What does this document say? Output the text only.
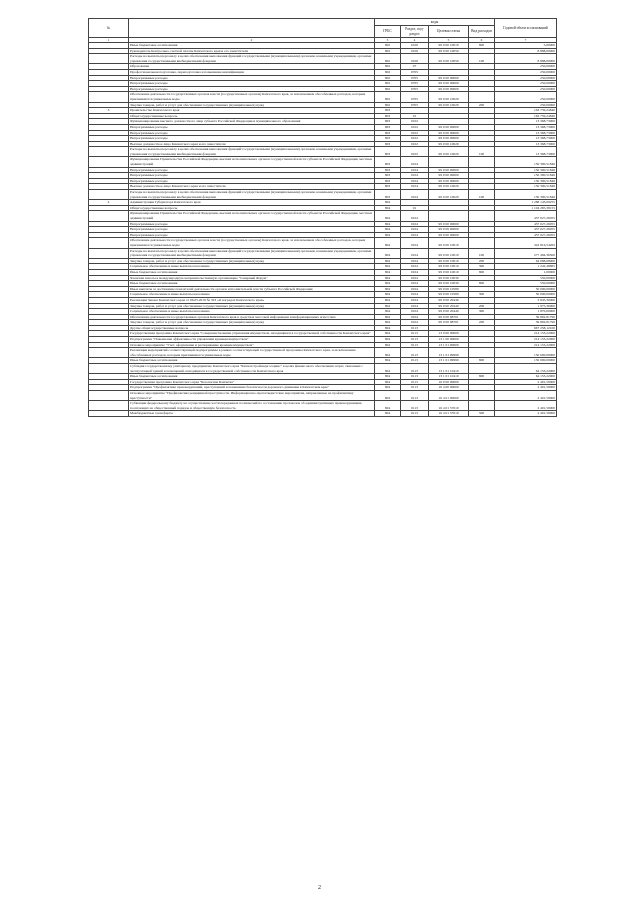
№		коды				Годовой объем ассигнований
		ГРБС	Раздел, под-раздел	Целевая статья	Вид расходов	
1	2	3	4	5	6	7
	Иные бюджетные ассигнования	802	0106	99 0 00 10010	800	5,00000
	Руководитель Контрольно-счетной палаты Камчатского края и его заместители	802	0106	99 0 00 10050		8 888,00000
	Расходы на выплаты персоналу в целях обеспечения выполнения функций государственными (муниципальными) органами, казенными учреждениями, органами управления государственными внебюджетными фондами	802	0106	99 0 00 10050	100	8 888,00000
	Образование	802	07			250,00000
	Профессиональная подготовка, переподготовка и повышение квалификации	802	0705			250,00000
	Непрограммные расходы	802	0705	99 0 00 00000		250,00000
	Непрограммные расходы	802	0705	99 0 00 00000		250,00000
	Непрограммные расходы	802	0705	99 0 00 00000		250,00000
	Обеспечение деятельности государственных органов власти (государственных органов) Камчатского края, за исключением обособленных расходов, которым присваиваются уникальные коды	802	0705	99 0 00 10020		250,00000
	Закупка товаров, работ и услуг для обеспечения государственных (муниципальных) нужд	802	0705	99 0 00 10020	200	250,00000
3	Правительство Камчатского края	803				163 759,24840
	Общегосударственные вопросы	803	01			163 759,24840
	Функционирование высшего должностного лица субъекта Российской Федерации и муниципального образования	803	0102			13 368,73000
	Непрограммные расходы	803	0102	99 0 00 00000		13 368,73000
	Непрограммные расходы	803	0102	99 0 00 00000		13 368,73000
	Непрограммные расходы	803	0102	99 0 00 00000		13 368,73000
	Высшее должностное лицо Камчатского края и его заместители	803	0102	99 0 00 10020		13 368,73000
	Расходы на выплаты персоналу в целях обеспечения выполнения функций государственными (муниципальными) органами, казенными учреждениями, органами управления государственными внебюджетными фондами	803	0102	99 0 00 10020	100	13 368,73000
	Функционирование Правительства Российской Федерации, высших исполнительных органов государственной власти субъектов Российской Федерации, местных администраций	803	0104			150 390,51846
	Непрограммные расходы	803	0104	99 0 00 00000		150 390,51846
	Непрограммные расходы	803	0104	99 0 00 00000		150 390,51846
	Непрограммные расходы	803	0104	99 0 00 00000		150 390,51846
	Высшее должностное лицо Камчатского края и его заместители	803	0104	99 0 00 10020		150 390,51846
	Расходы на выплаты персоналу в целях обеспечения выполнения функций государственными (муниципальными) органами, казенными учреждениями, органами управления государственными внебюджетными фондами	803	0104	99 0 00 10020	100	150 390,51846
4	Администрация Губернатора Камчатского края	804				1 288 143,09255
	Общегосударственные вопросы	804	01			1 104 285,38155
	Функционирование Правительства Российской Федерации, высших исполнительных органов государственной власти субъектов Российской Федерации, местных администраций	804	0104			437 027,26055
	Непрограммные расходы	804	0104	99 0 00 00000		437 027,26055
	Непрограммные расходы	804	0104	99 0 00 00000		437 027,26055
	Непрограммные расходы	804	0104	99 0 00 00000		437 027,26055
	Обеспечение деятельности государственных органов власти (государственных органов) Камчатского края, за исключением обособленных расходов, которым присваиваются уникальные коды	804	0104	99 0 00 10010		342 816,54265
	Расходы на выплаты персоналу в целях обеспечения выполнения функций государственными (муниципальными) органами, казенными учреждениями, органами управления государственными внебюджетными фондами	804	0104	99 0 00 10010	100	277 484,36500
	Закупка товаров, работ и услуг для обеспечения государственных (муниципальных) нужд	804	0104	99 0 00 10010	200	64 088,68900
	Социальное обеспечение и иные выплаты населению	804	0104	99 0 00 10010	300	1 242,48865
	Иные бюджетные ассигнования	804	0104	99 0 00 10010	800	1,00000
	Членские взносы в международную неправительственную организацию "Северный Форум"	804	0104	99 0 00 10030		550,00000
	Иные бюджетные ассигнования	804	0104	99 0 00 10030	800	550,00000
	Иные выплаты за достижение показателей деятельности органов исполнительной власти субъекта Российской Федерации	804	0104	99 0 00 10580		50 000,00000
	Социальное обеспечение и иные выплаты населению	804	0104	99 0 00 10580	300	50 000,00000
	Реализация Закона Камчатского края от 06.05.2019 № 323 «О наградах Камчатского края»	804	0104	99 0 00 20440		3 845,30000
	Закупка товаров, работ и услуг для обеспечения государственных (муниципальных) нужд	804	0104	99 0 00 20440	200	1 975,30000
	Социальное обеспечение и иные выплаты населению	804	0104	99 0 00 20440	300	1 870,00000
	Обеспечение деятельности государственных органов Камчатского края в средствах массовой информации и информационных агентствах	804	0104	99 0 00 98701		39 802,81790
	Закупка товаров, работ и услуг для обеспечения государственных (муниципальных) нужд	804	0104	99 0 00 98701	200	39 802,81790
	Другие общегосударственные вопросы	804	0113			667 258,12100
	Государственная программа Камчатского края "Совершенствование управления имуществом, находящимся в государственной собственности Камчатского края"	804	0113	13 0 00 00000		214 153,22000
	Подпрограмма "Повышение эффективности управления краевым имуществом"	804	0113	13 1 00 00000		214 153,22000
	Основное мероприятие "Учет, оформление и распоряжение краевым имуществом"	804	0113	13 1 01 00000		214 153,22000
	Реализация мероприятий соответствующей подпрограммы в рамках соответствующей государственной программы Камчатского края, за исключением обособленных расходов, которым присваиваются уникальные коды	804	0113	13 1 01 09990		150 000,00000
	Иные бюджетные ассигнования	804	0113	13 1 01 09990	800	150 000,00000
	Субсидия государственному унитарному предприятию Камчатского края "Камчатстройэнергосервис" в целях финансового обеспечения затрат, связанных с эксплуатацией зданий и помещений, находящихся в государственной собственности Камчатского края	804	0113	13 1 01 10410		64 153,22000
	Иные бюджетные ассигнования	804	0113	13 1 01 10410	800	64 153,22000
	Государственная программа Камчатского края "Безопасная Камчатка"	804	0113	16 0 00 00000		2 401,59000
	Подпрограмма "Профилактика правонарушений, преступлений и повышение безопасности дорожного движения в Камчатском крае"	804	0113	16 4 00 00000		2 401,59000
	Основное мероприятие "Профилактика рецидивной преступности. Информационно-пропагандистские мероприятия, направленные на профилактику преступности"	804	0113	16 4 01 00000		2 401,59000
	Субвенции федеральному бюджету на осуществление части переданных полномочий по составлению протоколов об административных правонарушениях, посягающих на общественный порядок и общественную безопасность	804	0113	16 4 01 57010		2 401,59000
	Межбюджетные трансферты	804	0113	16 4 01 57010	500	2 401,59000
2
